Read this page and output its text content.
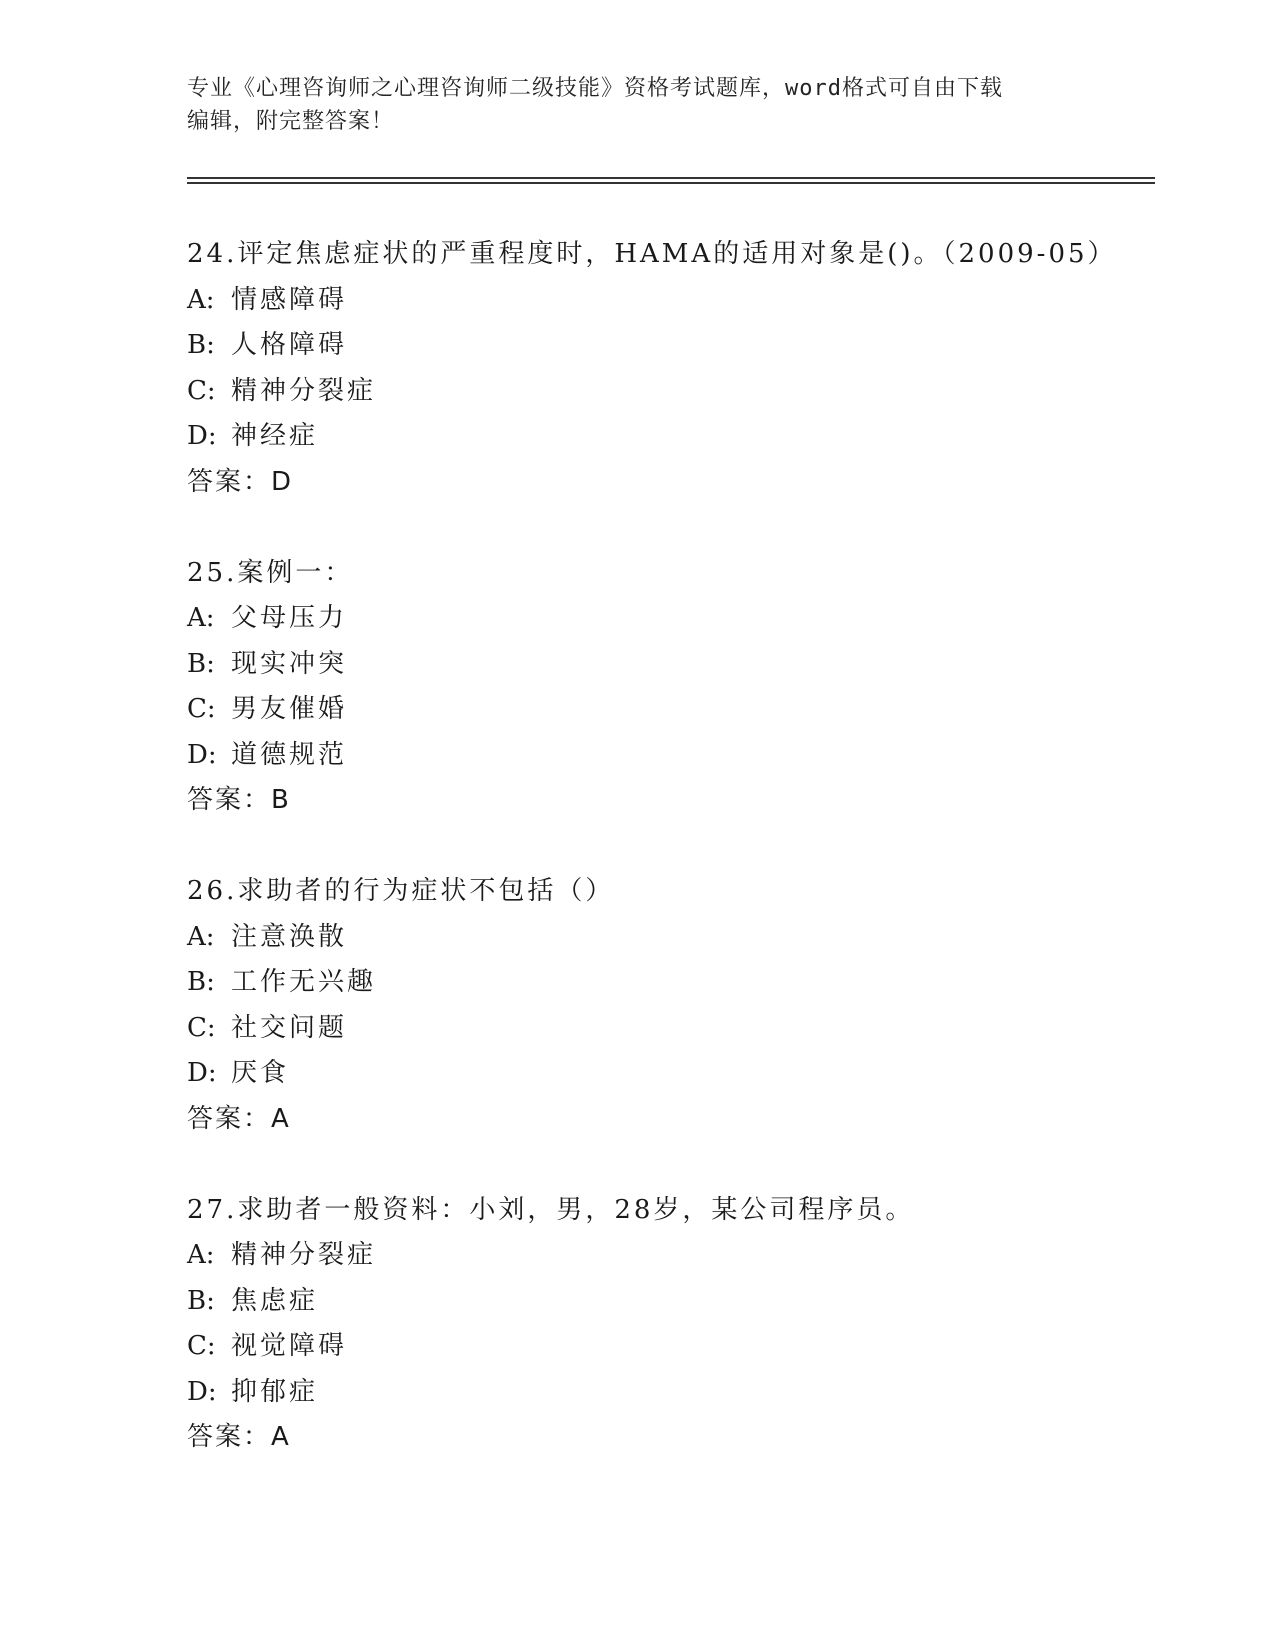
专业《心理咨询师之心理咨询师二级技能》资格考试题库，word格式可自由下载
编辑，附完整答案！
24.评定焦虑症状的严重程度时，HAMA的适用对象是()。（2009-05）
A: 情感障碍
B: 人格障碍
C: 精神分裂症
D: 神经症
答案：D
25.案例一：
A: 父母压力
B: 现实冲突
C: 男友催婚
D: 道德规范
答案：B
26.求助者的行为症状不包括（）
A: 注意涣散
B: 工作无兴趣
C: 社交问题
D: 厌食
答案：A
27.求助者一般资料：小刘，男，28岁，某公司程序员。
A: 精神分裂症
B: 焦虑症
C: 视觉障碍
D: 抑郁症
答案：A
